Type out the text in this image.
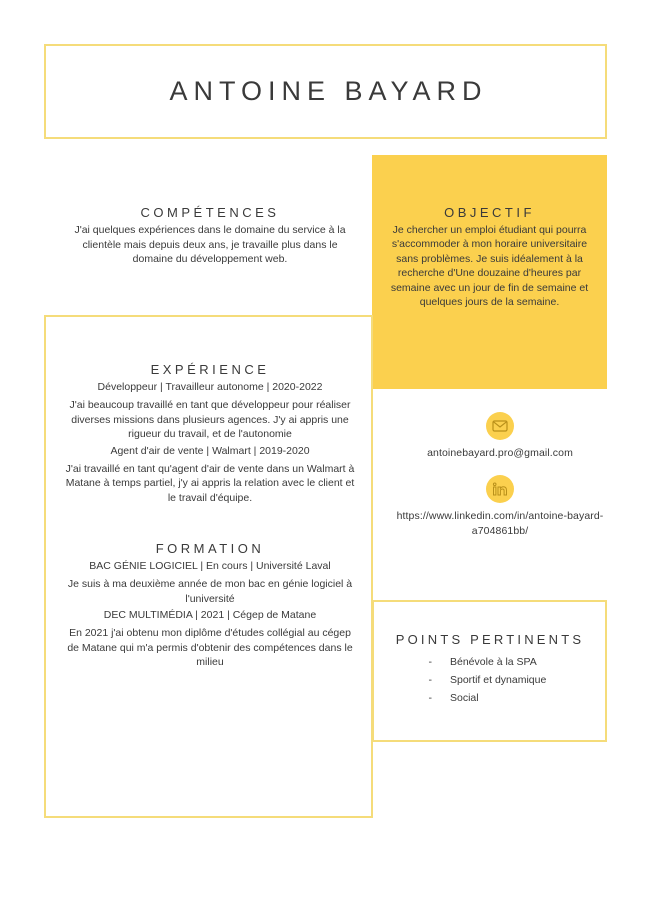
ANTOINE BAYARD
COMPÉTENCES

J'ai quelques expériences dans le domaine du service à la clientèle mais depuis deux ans, je travaille plus dans le domaine du développement web.

OBJECTIF

Je chercher un emploi étudiant qui pourra s'accommoder à mon horaire universitaire sans problèmes. Je suis idéalement à la recherche d'Une douzaine d'heures par semaine avec un jour de fin de semaine et quelques jours de la semaine.

EXPÉRIENCE
Développeur | Travailleur autonome | 2020-2022

J'ai beaucoup travaillé en tant que développeur pour réaliser diverses missions dans plusieurs agences. J'y ai appris une rigueur du travail, et de l'autonomie

Agent d'air de vente | Walmart | 2019-2020

J'ai travaillé en tant qu'agent d'air de vente dans un Walmart à Matane à temps partiel, j'y ai appris la relation avec le client et le travail d'équipe.

FORMATION
BAC GÉNIE LOGICIEL | En cours | Université Laval

Je suis à ma deuxième année de mon bac en génie logiciel à l'université

DEC MULTIMÉDIA | 2021 | Cégep de Matane

En 2021 j'ai obtenu mon diplôme d'études collégial au cégep de Matane qui m'a permis d'obtenir des compétences dans le milieu

antoinebayard.pro@gmail.com
https://www.linkedin.com/in/antoine-bayard-a704861bb/
POINTS PERTINENTS
-	Bénévole à la SPA
-	Sportif et dynamique
-	Social
